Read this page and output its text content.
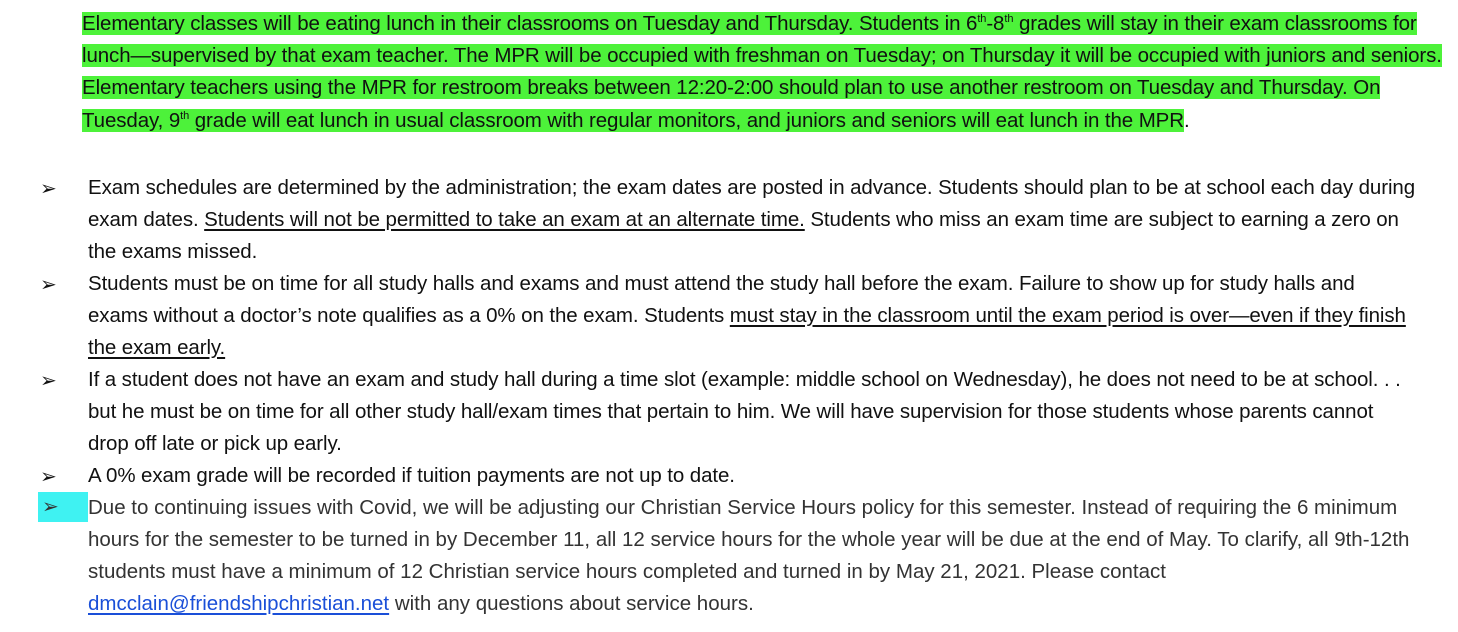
Elementary classes will be eating lunch in their classrooms on Tuesday and Thursday. Students in 6th-8th grades will stay in their exam classrooms for lunch—supervised by that exam teacher. The MPR will be occupied with freshman on Tuesday; on Thursday it will be occupied with juniors and seniors. Elementary teachers using the MPR for restroom breaks between 12:20-2:00 should plan to use another restroom on Tuesday and Thursday. On Tuesday, 9th grade will eat lunch in usual classroom with regular monitors, and juniors and seniors will eat lunch in the MPR.
➢	Exam schedules are determined by the administration; the exam dates are posted in advance. Students should plan to be at school each day during exam dates. Students will not be permitted to take an exam at an alternate time. Students who miss an exam time are subject to earning a zero on the exams missed.
➢	Students must be on time for all study halls and exams and must attend the study hall before the exam. Failure to show up for study halls and exams without a doctor’s note qualifies as a 0% on the exam. Students must stay in the classroom until the exam period is over—even if they finish the exam early.
➢	If a student does not have an exam and study hall during a time slot (example: middle school on Wednesday), he does not need to be at school. . . but he must be on time for all other study hall/exam times that pertain to him. We will have supervision for those students whose parents cannot drop off late or pick up early.
➢	A 0% exam grade will be recorded if tuition payments are not up to date.
➢	Due to continuing issues with Covid, we will be adjusting our Christian Service Hours policy for this semester. Instead of requiring the 6 minimum hours for the semester to be turned in by December 11, all 12 service hours for the whole year will be due at the end of May. To clarify, all 9th-12th students must have a minimum of 12 Christian service hours completed and turned in by May 21, 2021. Please contact dmcclain@friendshipchristian.net with any questions about service hours.
